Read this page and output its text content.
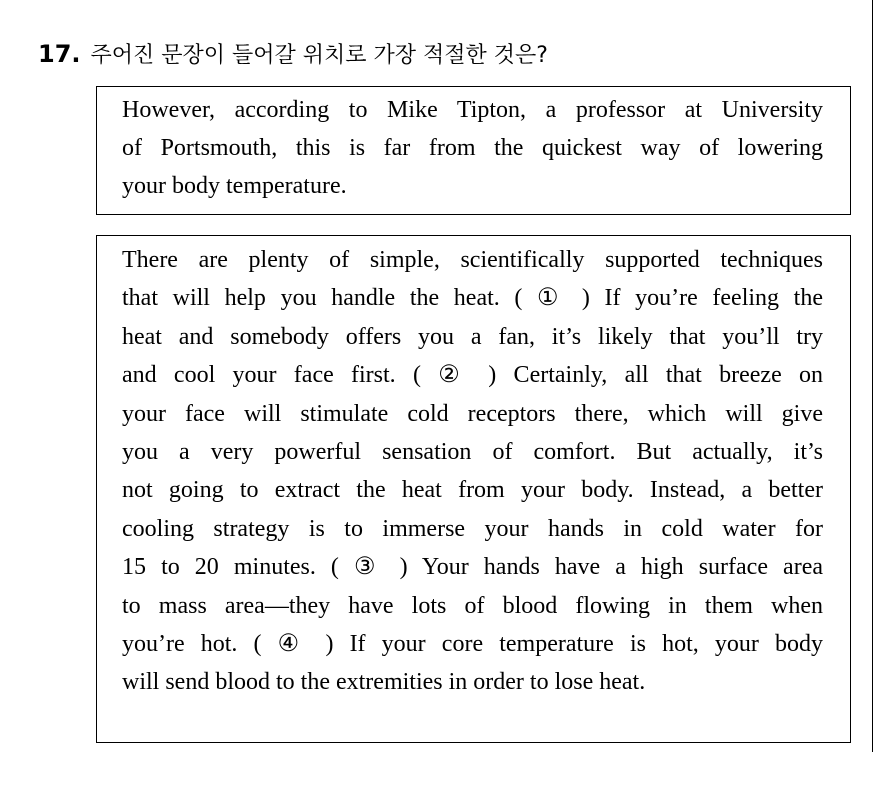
17. 주어진 문장이 들어갈 위치로 가장 적절한 것은?
However, according to Mike Tipton, a professor at University
of Portsmouth, this is far from the quickest way of lowering
your body temperature.
There are plenty of simple, scientifically supported techniques
that will help you handle the heat. ( ① ) If you’re feeling the
heat and somebody offers you a fan, it’s likely that you’ll try
and cool your face first. ( ② ) Certainly, all that breeze on
your face will stimulate cold receptors there, which will give
you a very powerful sensation of comfort. But actually, it’s
not going to extract the heat from your body. Instead, a better
cooling strategy is to immerse your hands in cold water for
15 to 20 minutes. ( ③ ) Your hands have a high surface area
to mass area—they have lots of blood flowing in them when
you’re hot. ( ④ ) If your core temperature is hot, your body
will send blood to the extremities in order to lose heat.
